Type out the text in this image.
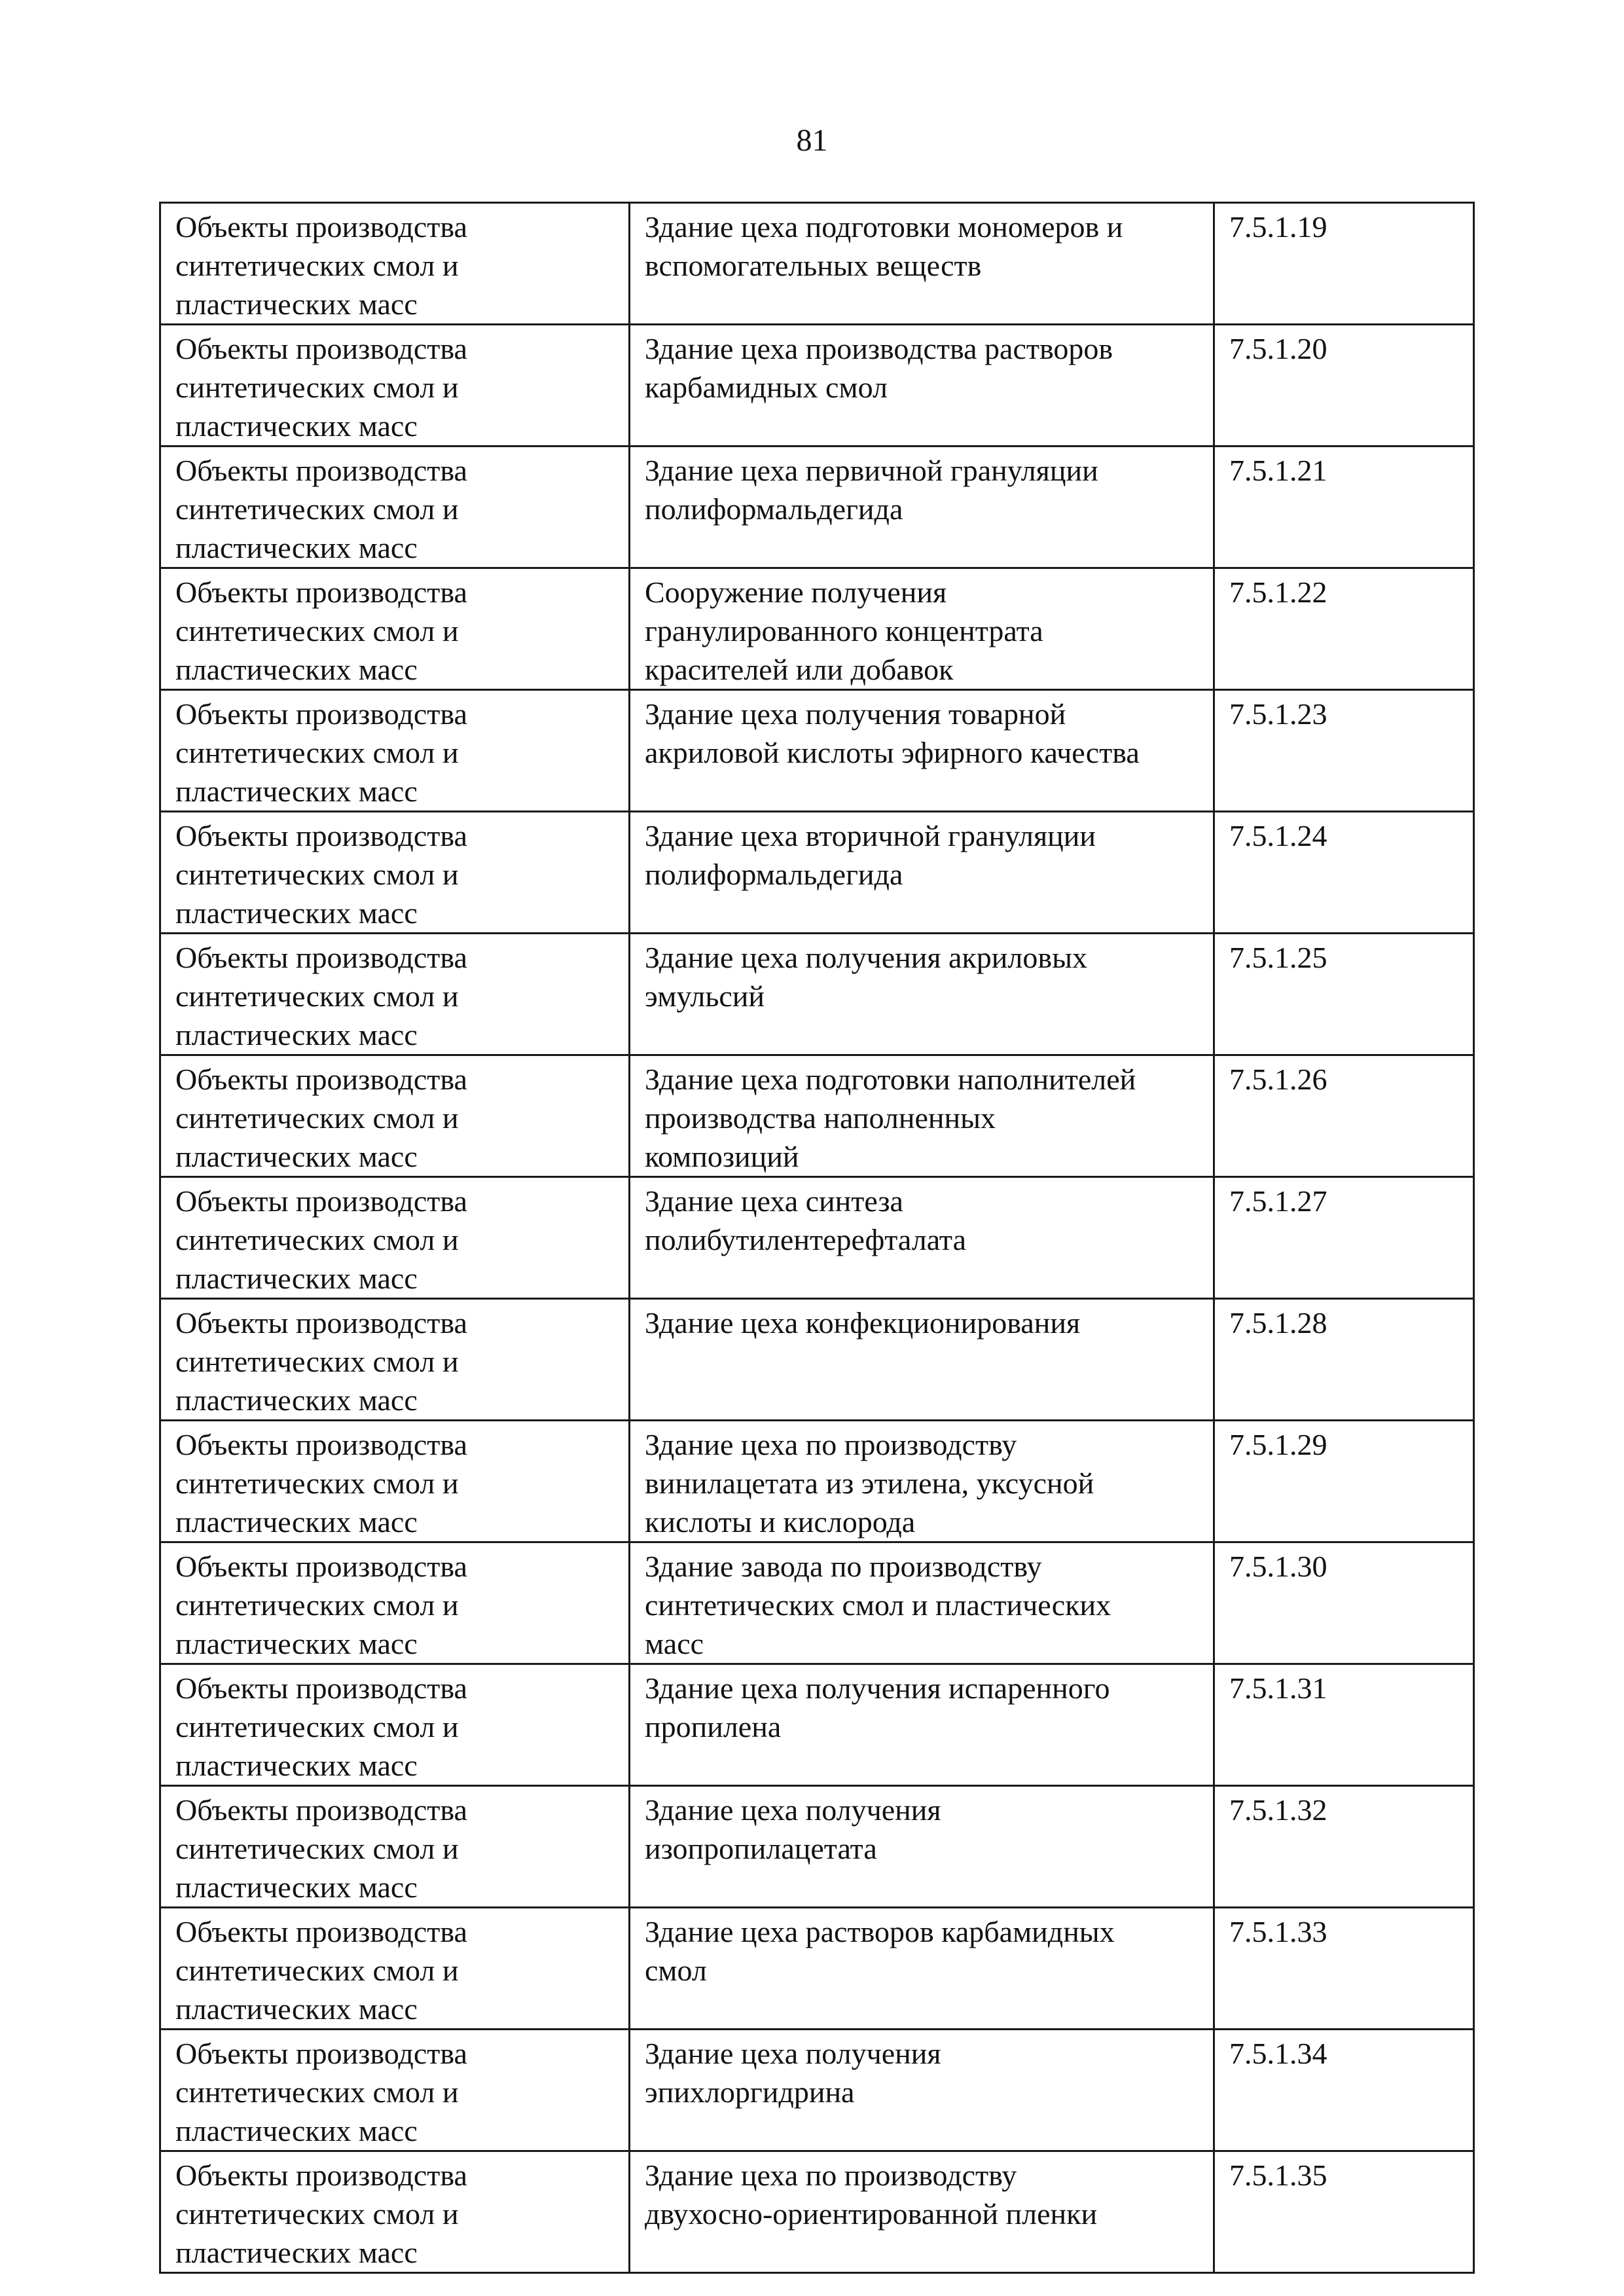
81
Объекты производства
синтетических смол и
пластических масс	Здание цеха подготовки мономеров и
вспомогательных веществ	7.5.1.19

Объекты производства
синтетических смол и
пластических масс	Здание цеха производства растворов
карбамидных смол	7.5.1.20

Объекты производства
синтетических смол и
пластических масс	Здание цеха первичной грануляции
полиформальдегида	7.5.1.21

Объекты производства
синтетических смол и
пластических масс	Сооружение получения
гранулированного концентрата
красителей или добавок	7.5.1.22

Объекты производства
синтетических смол и
пластических масс	Здание цеха получения товарной
акриловой кислоты эфирного качества	7.5.1.23

Объекты производства
синтетических смол и
пластических масс	Здание цеха вторичной грануляции
полиформальдегида	7.5.1.24

Объекты производства
синтетических смол и
пластических масс	Здание цеха получения акриловых
эмульсий	7.5.1.25

Объекты производства
синтетических смол и
пластических масс	Здание цеха подготовки наполнителей
производства наполненных
композиций	7.5.1.26

Объекты производства
синтетических смол и
пластических масс	Здание цеха синтеза
полибутилентерефталата	7.5.1.27

Объекты производства
синтетических смол и
пластических масс	Здание цеха конфекционирования	7.5.1.28

Объекты производства
синтетических смол и
пластических масс	Здание цеха по производству
винилацетата из этилена, уксусной
кислоты и кислорода	7.5.1.29

Объекты производства
синтетических смол и
пластических масс	Здание завода по производству
синтетических смол и пластических
масс	7.5.1.30

Объекты производства
синтетических смол и
пластических масс	Здание цеха получения испаренного
пропилена	7.5.1.31

Объекты производства
синтетических смол и
пластических масс	Здание цеха получения
изопропилацетата	7.5.1.32

Объекты производства
синтетических смол и
пластических масс	Здание цеха растворов карбамидных
смол	7.5.1.33

Объекты производства
синтетических смол и
пластических масс	Здание цеха получения
эпихлоргидрина	7.5.1.34

Объекты производства
синтетических смол и
пластических масс	Здание цеха по производству
двухосно-ориентированной пленки	7.5.1.35
